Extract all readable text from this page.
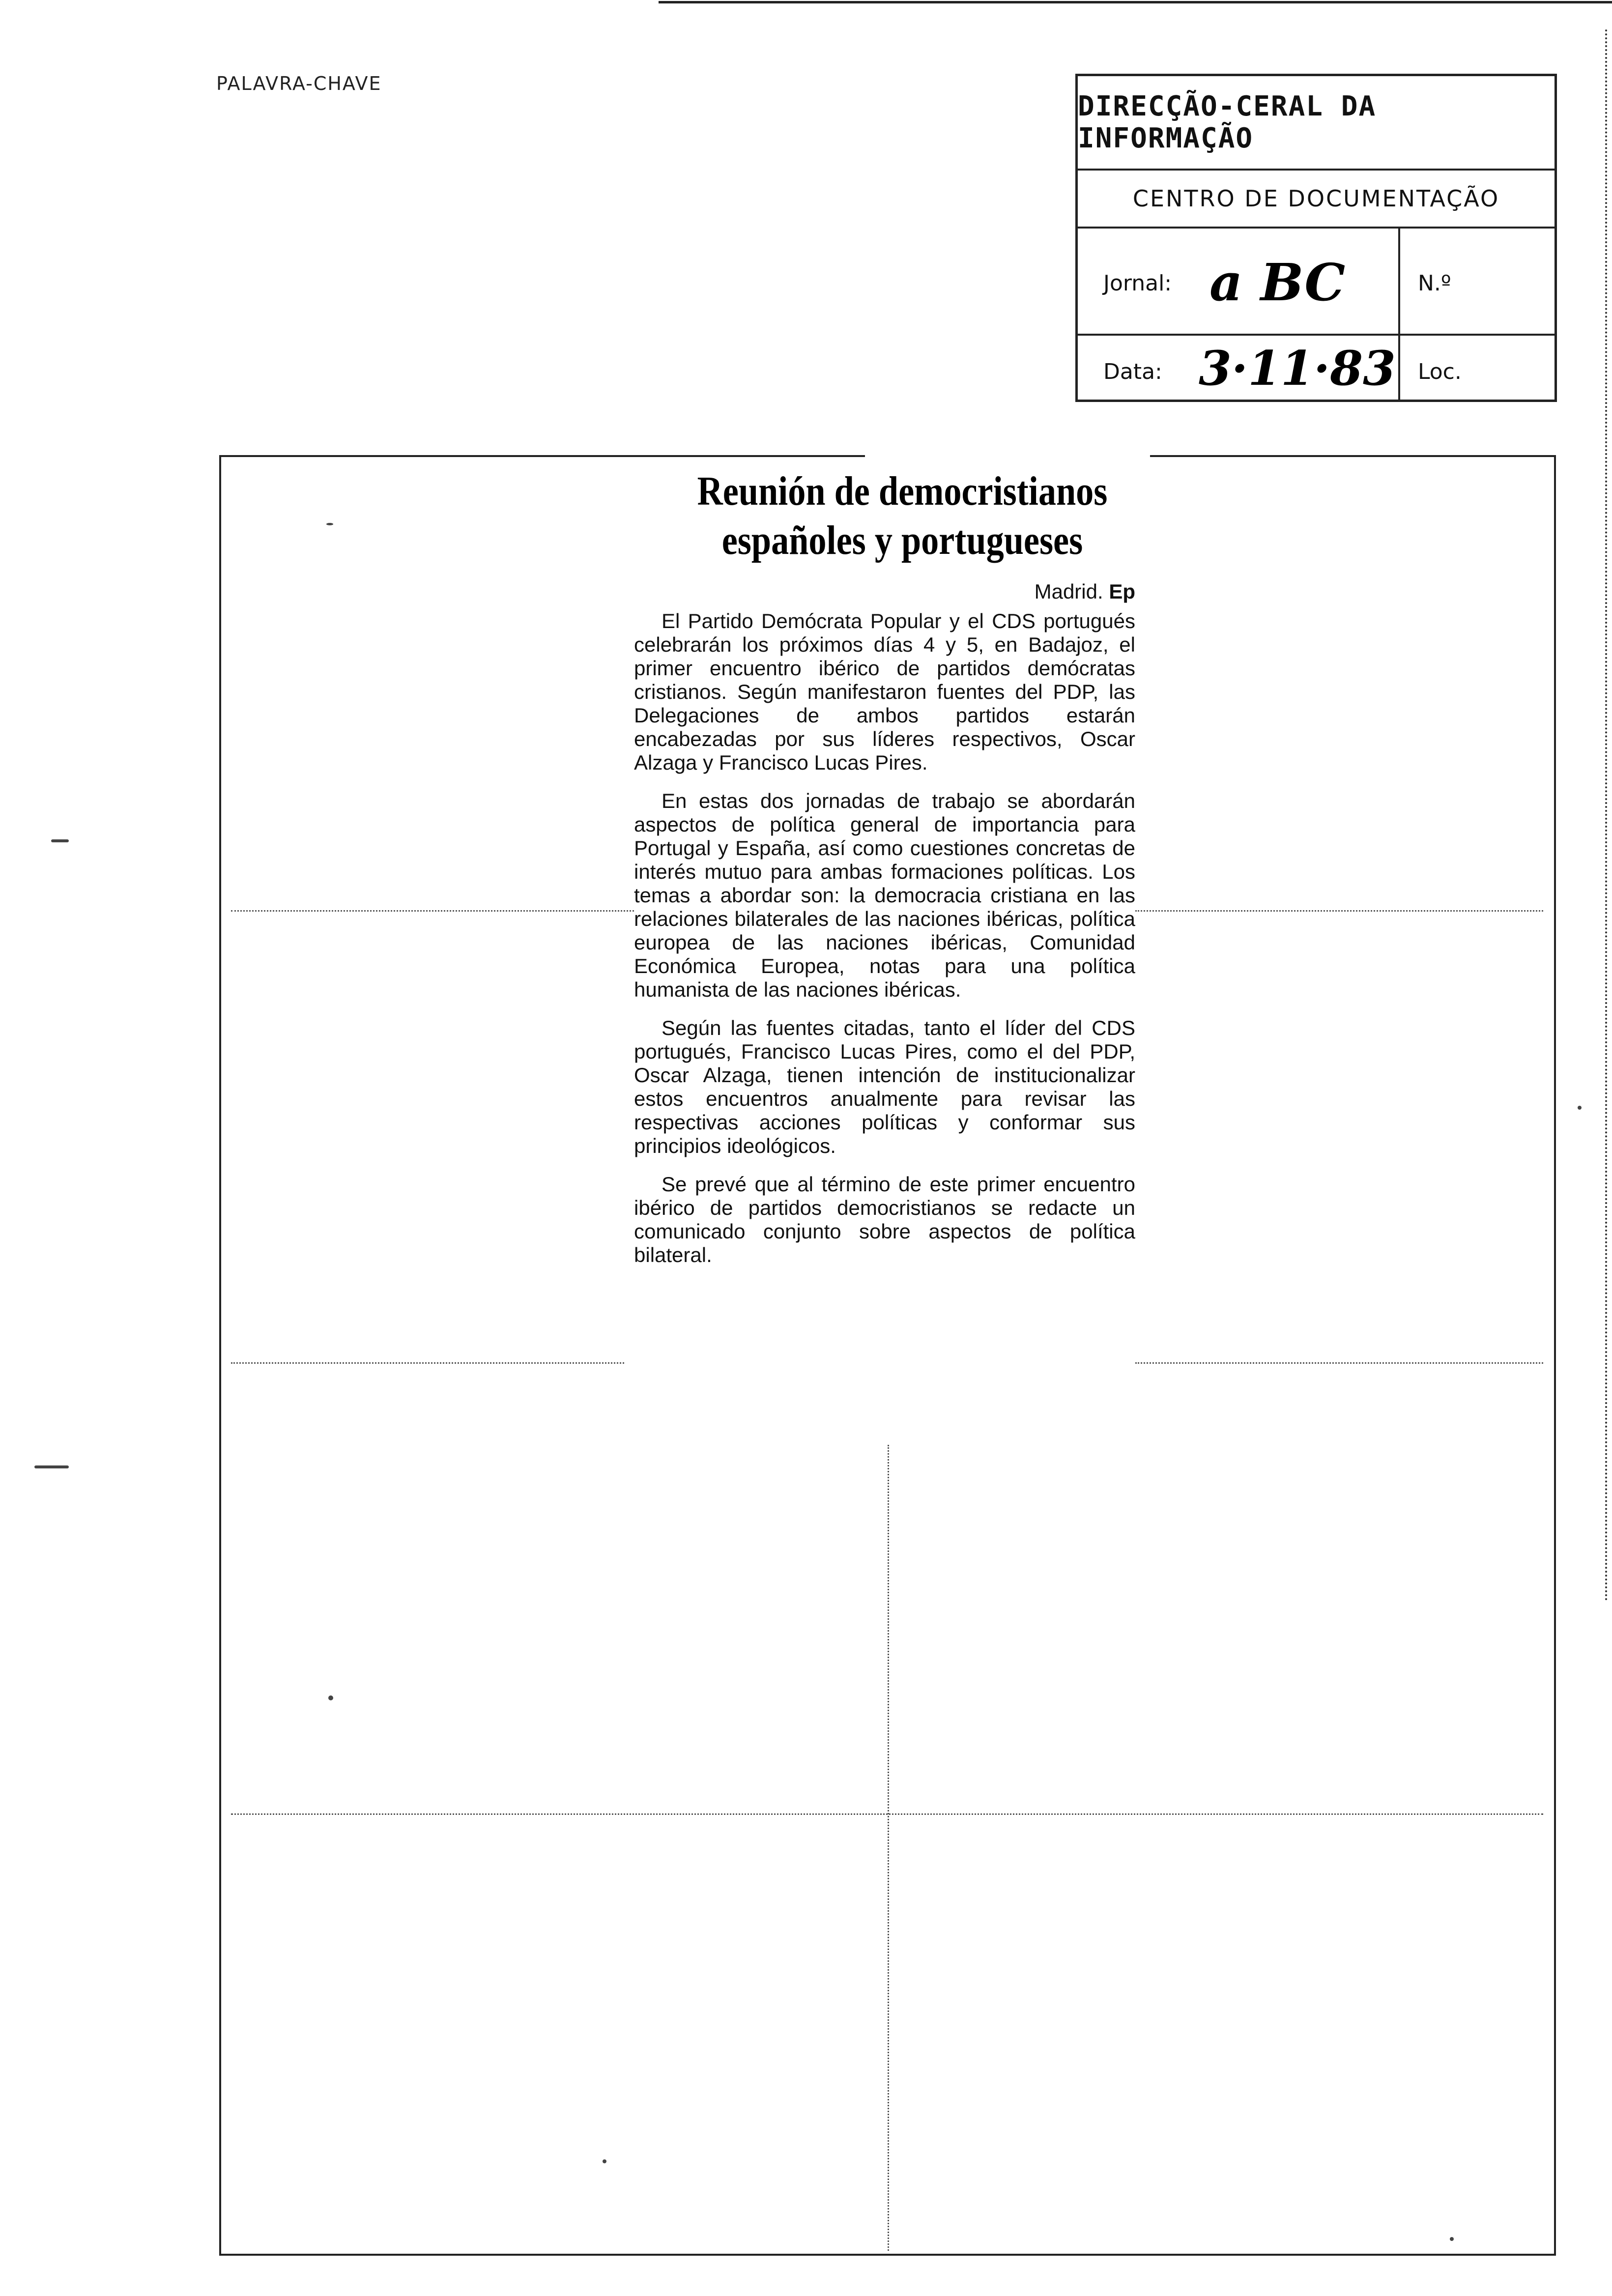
PALAVRA-CHAVE
DIRECÇÃO-CERAL DA INFORMAÇÃO
CENTRO DE DOCUMENTAÇÃO
Jornal: a BC	N.º
Data: 3·11·83 Loc.
Reunión de democristianos
españoles y portugueses
Madrid. Ep

El Partido Demócrata Popular y el CDS portugués celebrarán los próximos días 4 y 5, en Badajoz, el primer encuentro ibérico de partidos demócratas cristianos. Según manifestaron fuentes del PDP, las Delegaciones de ambos partidos estarán encabezadas por sus líderes respectivos, Oscar Alzaga y Francisco Lucas Pires.

En estas dos jornadas de trabajo se abordarán aspectos de política general de importancia para Portugal y España, así como cuestiones concretas de interés mutuo para ambas formaciones políticas. Los temas a abordar son: la democracia cristiana en las relaciones bilaterales de las naciones ibéricas, política europea de las naciones ibéricas, Comunidad Económica Europea, notas para una política humanista de las naciones ibéricas.

Según las fuentes citadas, tanto el líder del CDS portugués, Francisco Lucas Pires, como el del PDP, Oscar Alzaga, tienen intención de institucionalizar estos encuentros anualmente para revisar las respectivas acciones políticas y conformar sus principios ideológicos.

Se prevé que al término de este primer encuentro ibérico de partidos democristianos se redacte un comunicado conjunto sobre aspectos de política bilateral.
